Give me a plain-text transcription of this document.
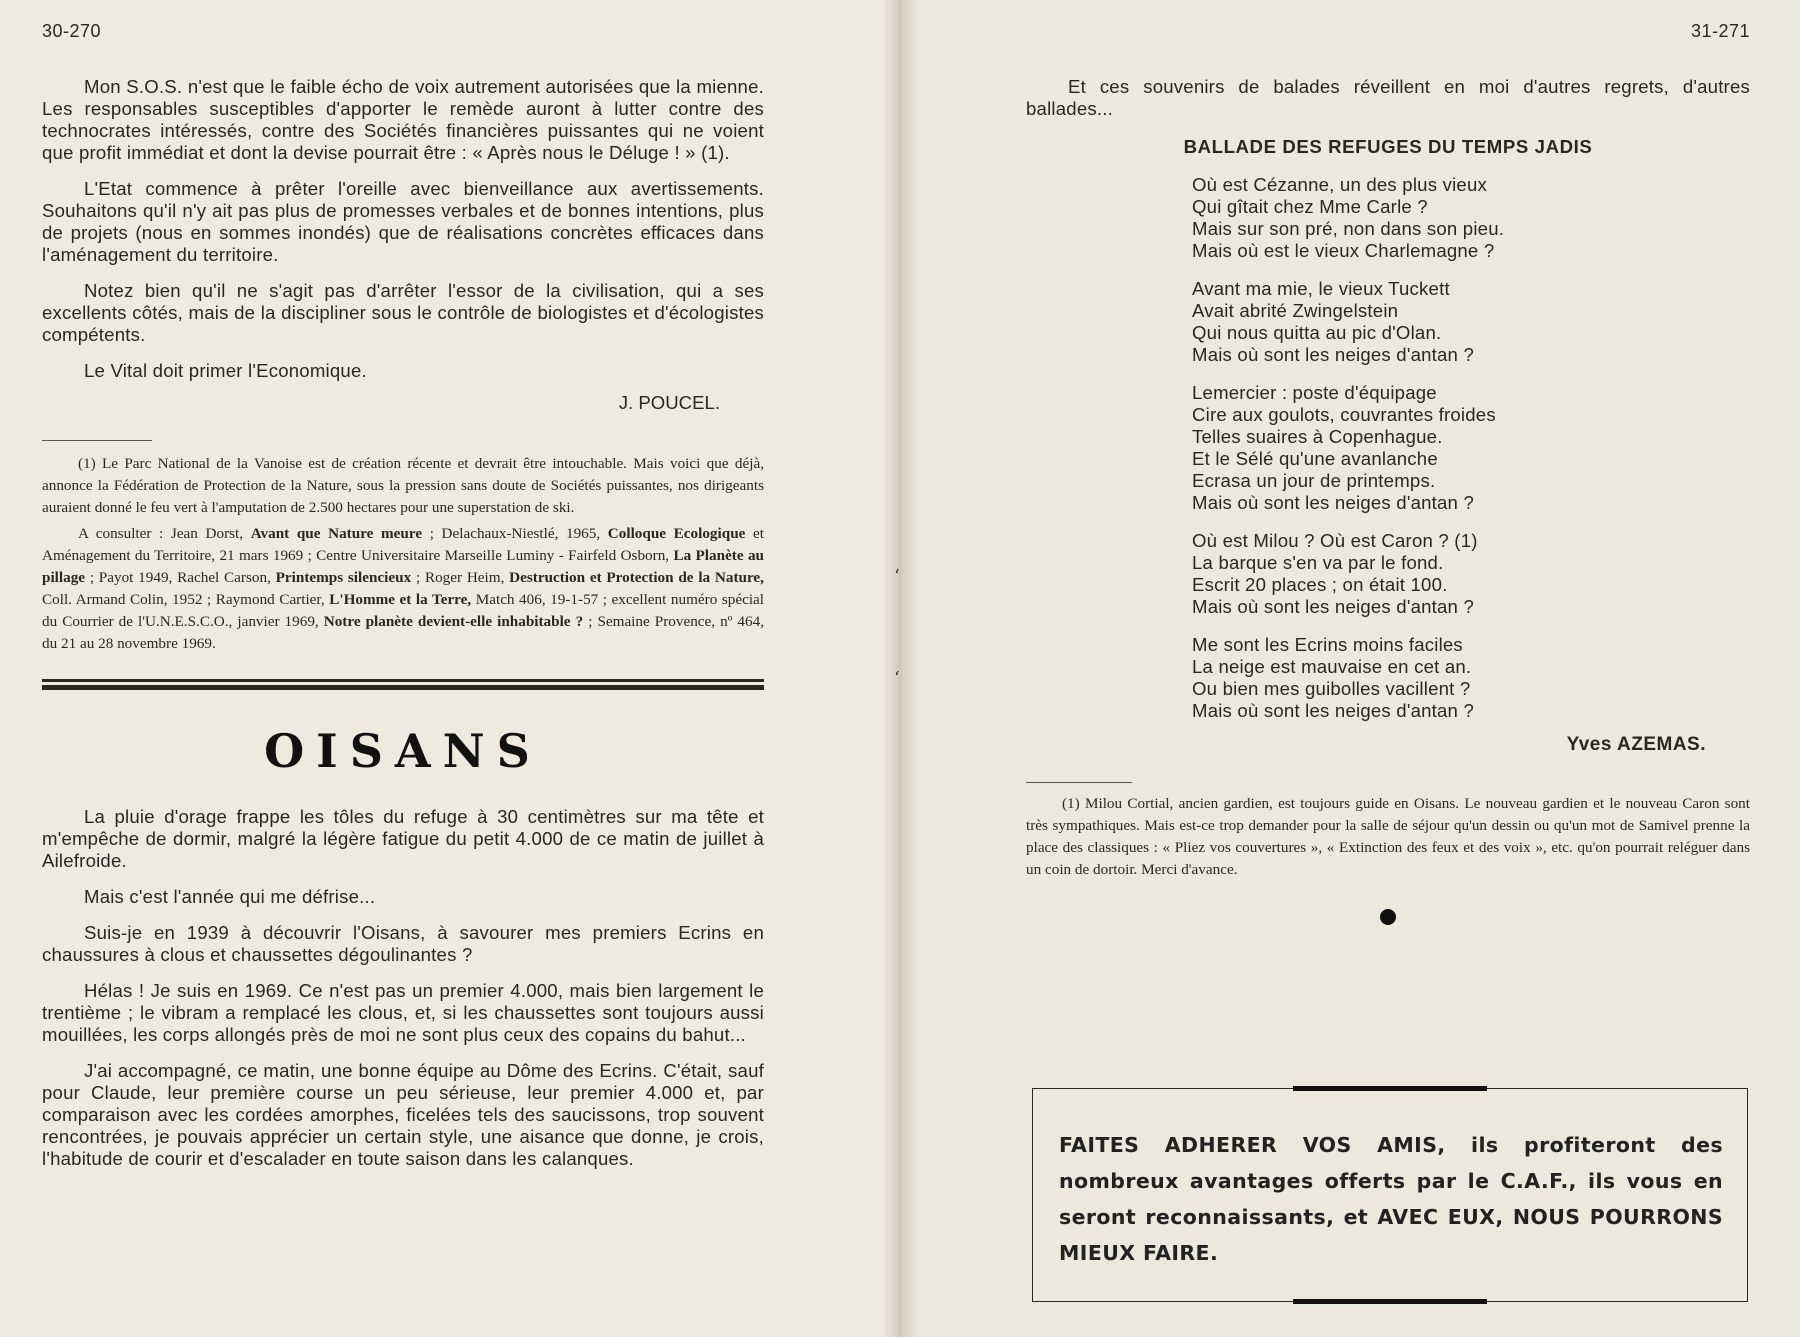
30-270

Mon S.O.S. n'est que le faible écho de voix autrement autorisées que la mienne. Les responsables susceptibles d'apporter le remède auront à lutter contre des technocrates intéressés, contre des Sociétés financières puissantes qui ne voient que profit immédiat et dont la devise pourrait être : « Après nous le Déluge ! » (1).

L'Etat commence à prêter l'oreille avec bienveillance aux avertissements. Souhaitons qu'il n'y ait pas plus de promesses verbales et de bonnes intentions, plus de projets (nous en sommes inondés) que de réalisations concrètes efficaces dans l'aménagement du territoire.

Notez bien qu'il ne s'agit pas d'arrêter l'essor de la civilisation, qui a ses excellents côtés, mais de la discipliner sous le contrôle de biologistes et d'écologistes compétents.

Le Vital doit primer l'Economique.

J. POUCEL.

(1) Le Parc National de la Vanoise est de création récente et devrait être intouchable. Mais voici que déjà, annonce la Fédération de Protection de la Nature, sous la pression sans doute de Sociétés puissantes, nos dirigeants auraient donné le feu vert à l'amputation de 2.500 hectares pour une superstation de ski.

A consulter : Jean Dorst, Avant que Nature meure ; Delachaux-Niestlé, 1965, Colloque Ecologique et Aménagement du Territoire, 21 mars 1969 ; Centre Universitaire Marseille Luminy - Fairfeld Osborn, La Planète au pillage ; Payot 1949, Rachel Carson, Printemps silencieux ; Roger Heim, Destruction et Protection de la Nature, Coll. Armand Colin, 1952 ; Raymond Cartier, L'Homme et la Terre, Match 406, 19-1-57 ; excellent numéro spécial du Courrier de l'U.N.E.S.C.O., janvier 1969, Notre planète devient-elle inhabitable ? ; Semaine Provence, nº 464, du 21 au 28 novembre 1969.

OISANS

La pluie d'orage frappe les tôles du refuge à 30 centimètres sur ma tête et m'empêche de dormir, malgré la légère fatigue du petit 4.000 de ce matin de juillet à Ailefroide.

Mais c'est l'année qui me défrise...

Suis-je en 1939 à découvrir l'Oisans, à savourer mes premiers Ecrins en chaussures à clous et chaussettes dégoulinantes ?

Hélas ! Je suis en 1969. Ce n'est pas un premier 4.000, mais bien largement le trentième ; le vibram a remplacé les clous, et, si les chaussettes sont toujours aussi mouillées, les corps allongés près de moi ne sont plus ceux des copains du bahut...

J'ai accompagné, ce matin, une bonne équipe au Dôme des Ecrins. C'était, sauf pour Claude, leur première course un peu sérieuse, leur premier 4.000 et, par comparaison avec les cordées amorphes, ficelées tels des saucissons, trop souvent rencontrées, je pouvais apprécier un certain style, une aisance que donne, je crois, l'habitude de courir et d'escalader en toute saison dans les calanques.

31-271

Et ces souvenirs de balades réveillent en moi d'autres regrets, d'autres ballades...

BALLADE DES REFUGES DU TEMPS JADIS
Où est Cézanne, un des plus vieux
Qui gîtait chez Mme Carle ?
Mais sur son pré, non dans son pieu.
Mais où est le vieux Charlemagne ?
Avant ma mie, le vieux Tuckett
Avait abrité Zwingelstein
Qui nous quitta au pic d'Olan.
Mais où sont les neiges d'antan ?
Lemercier : poste d'équipage
Cire aux goulots, couvrantes froides
Telles suaires à Copenhague.
Et le Sélé qu'une avanlanche
Ecrasa un jour de printemps.
Mais où sont les neiges d'antan ?
Où est Milou ? Où est Caron ? (1)
La barque s'en va par le fond.
Escrit 20 places ; on était 100.
Mais où sont les neiges d'antan ?
Me sont les Ecrins moins faciles
La neige est mauvaise en cet an.
Ou bien mes guibolles vacillent ?
Mais où sont les neiges d'antan ?
Yves AZEMAS.

(1) Milou Cortial, ancien gardien, est toujours guide en Oisans. Le nouveau gardien et le nouveau Caron sont très sympathiques. Mais est-ce trop demander pour la salle de séjour qu'un dessin ou qu'un mot de Samivel prenne la place des classiques : « Pliez vos couvertures », « Extinction des feux et des voix », etc. qu'on pourrait reléguer dans un coin de dortoir. Merci d'avance.

FAITES ADHERER VOS AMIS, ils profiteront des nombreux avantages offerts par le C.A.F., ils vous en seront reconnaissants, et AVEC EUX, NOUS POURRONS MIEUX FAIRE.
ʻ
ʻ
